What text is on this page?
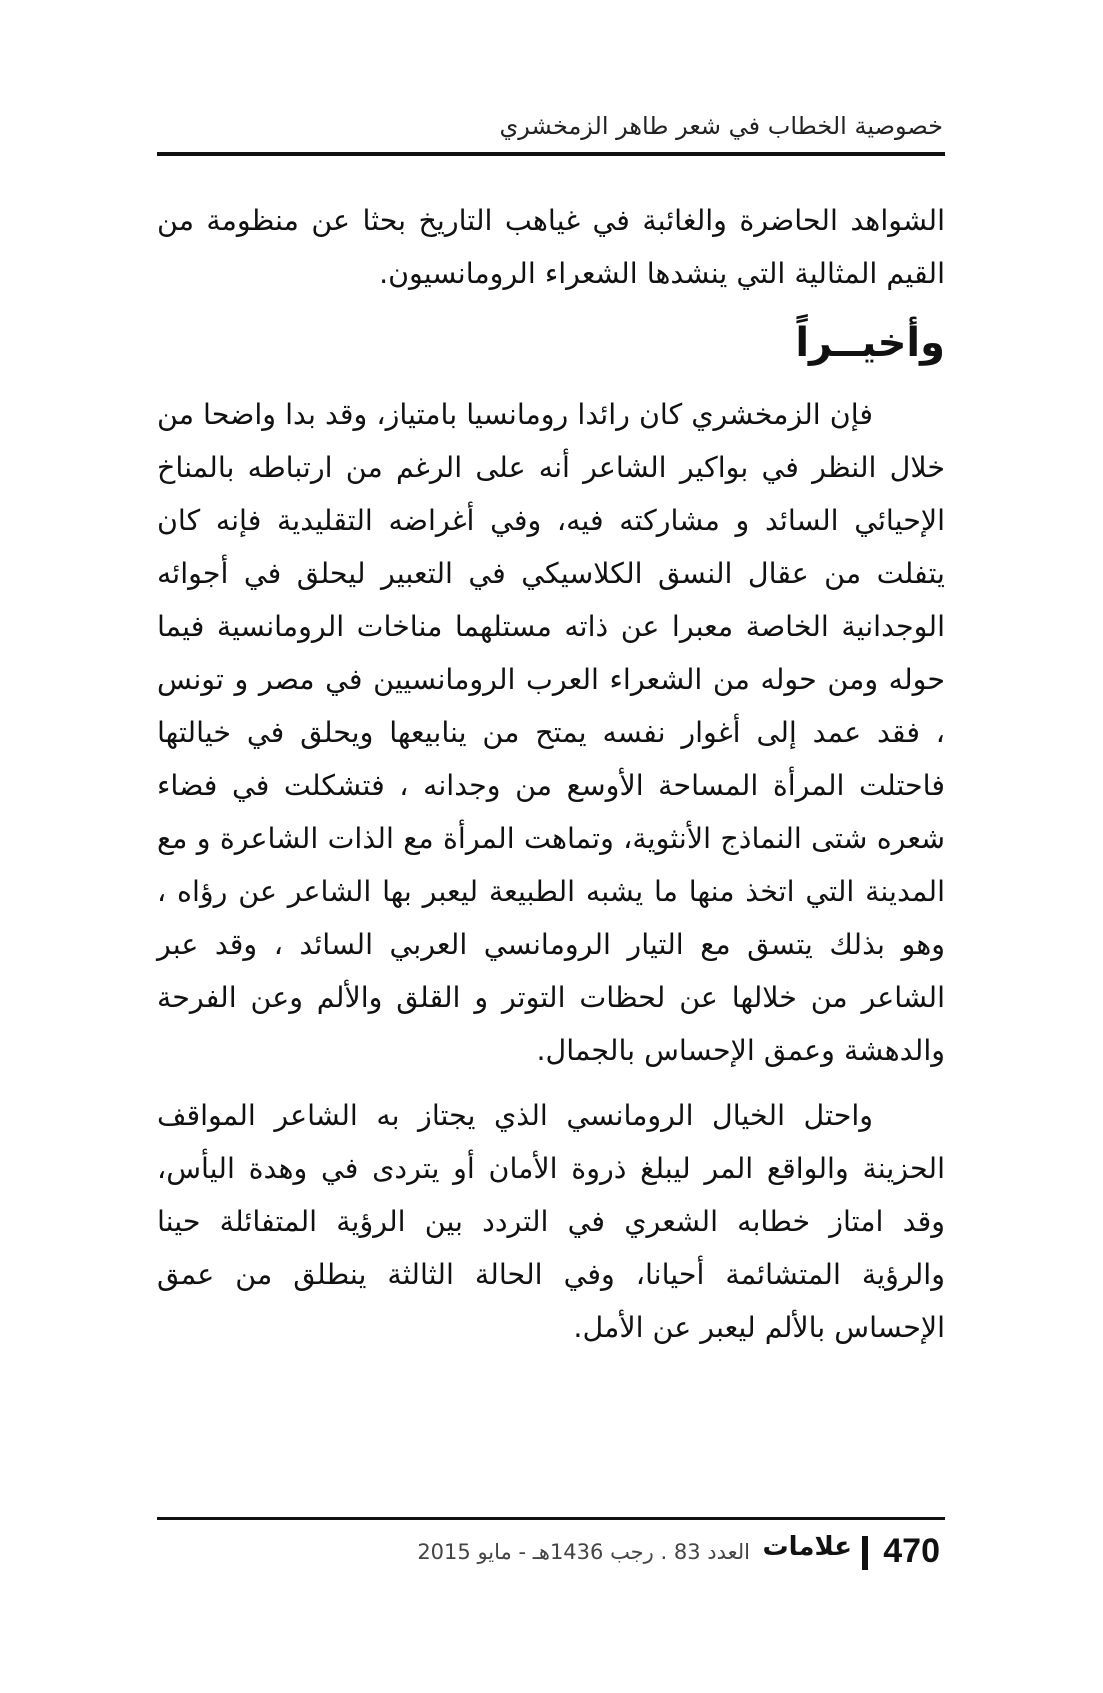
خصوصية الخطاب ﻓﻲ شعر طاهر الزمخشري

الشواهد الحاضرة والغائبة ﻓﻲ غياهب التاريخ بحثا عن منظومة من القيم المثالية التي ينشدها الشعراء الرومانسيون.

وأخيــراً

فإن الزمخشري كان رائدا رومانسيا بامتياز، وقد بدا واضحا من خلال النظر ﻓﻲ بواكير الشاعر أنه على الرغم من ارتباطه بالمناخ الإحيائي السائد و مشاركته فيه، وﻓﻲ أغراضه التقليدية فإنه كان يتفلت من عقال النسق الكلاسيكي ﻓﻲ التعبير ليحلق ﻓﻲ أجوائه الوجدانية الخاصة معبرا عن ذاته مستلهما مناخات الرومانسية فيما حوله ومن حوله من الشعراء العرب الرومانسيين ﻓﻲ مصر و تونس ، فقد عمد إلى أغوار نفسه يمتح من ينابيعها ويحلق ﻓﻲ خيالتها فاحتلت المرأة المساحة الأوسع من وجدانه ، فتشكلت ﻓﻲ فضاء شعره شتى النماذج الأنثوية، وتماهت المرأة مع الذات الشاعرة و مع المدينة التي اتخذ منها ما يشبه الطبيعة ليعبر بها الشاعر عن رؤاه ، وهو بذلك يتسق مع التيار الرومانسي العربي السائد ، وقد عبر الشاعر من خلالها عن لحظات التوتر و القلق والألم وعن الفرحة والدهشة وعمق الإحساس بالجمال.

واحتل الخيال الرومانسي الذي يجتاز به الشاعر المواقف الحزينة والواقع المر ليبلغ ذروة الأمان أو يتردى ﻓﻲ وهدة اليأس، وقد امتاز خطابه الشعري ﻓﻲ التردد بين الرؤية المتفائلة حينا والرؤية المتشائمة أحيانا، وﻓﻲ الحالة الثالثة ينطلق من عمق الإحساس بالألم ليعبر عن الأمل.

470
علامات
العدد 83 . رجب 1436هـ - مايو 2015
